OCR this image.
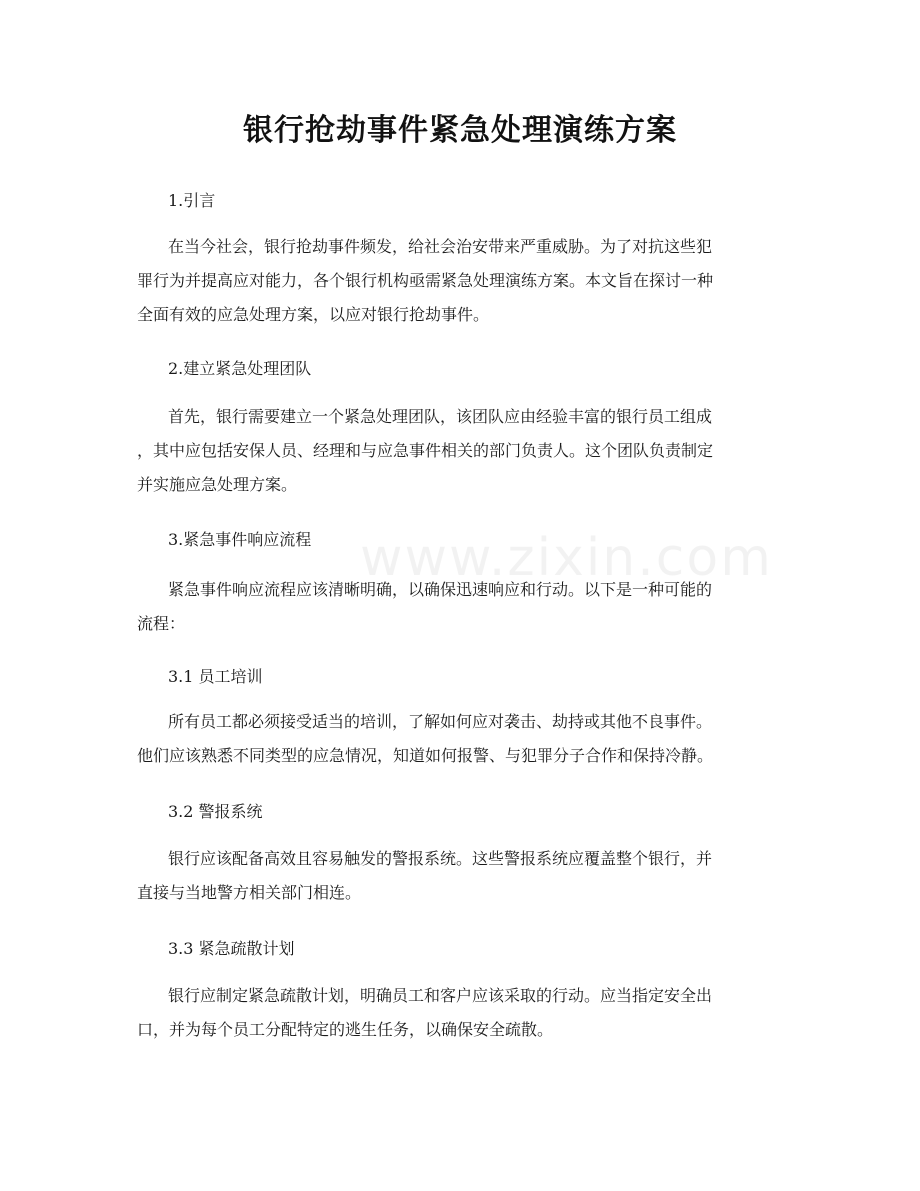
www.zixin.com
银行抢劫事件紧急处理演练方案
1.引言
在当今社会，银行抢劫事件频发，给社会治安带来严重威胁。为了对抗这些犯
罪行为并提高应对能力，各个银行机构亟需紧急处理演练方案。本文旨在探讨一种
全面有效的应急处理方案，以应对银行抢劫事件。
2.建立紧急处理团队
首先，银行需要建立一个紧急处理团队，该团队应由经验丰富的银行员工组成
，其中应包括安保人员、经理和与应急事件相关的部门负责人。这个团队负责制定
并实施应急处理方案。
3.紧急事件响应流程
紧急事件响应流程应该清晰明确，以确保迅速响应和行动。以下是一种可能的
流程：
3.1 员工培训
所有员工都必须接受适当的培训，了解如何应对袭击、劫持或其他不良事件。
他们应该熟悉不同类型的应急情况，知道如何报警、与犯罪分子合作和保持冷静。
3.2 警报系统
银行应该配备高效且容易触发的警报系统。这些警报系统应覆盖整个银行，并
直接与当地警方相关部门相连。
3.3 紧急疏散计划
银行应制定紧急疏散计划，明确员工和客户应该采取的行动。应当指定安全出
口，并为每个员工分配特定的逃生任务，以确保安全疏散。
